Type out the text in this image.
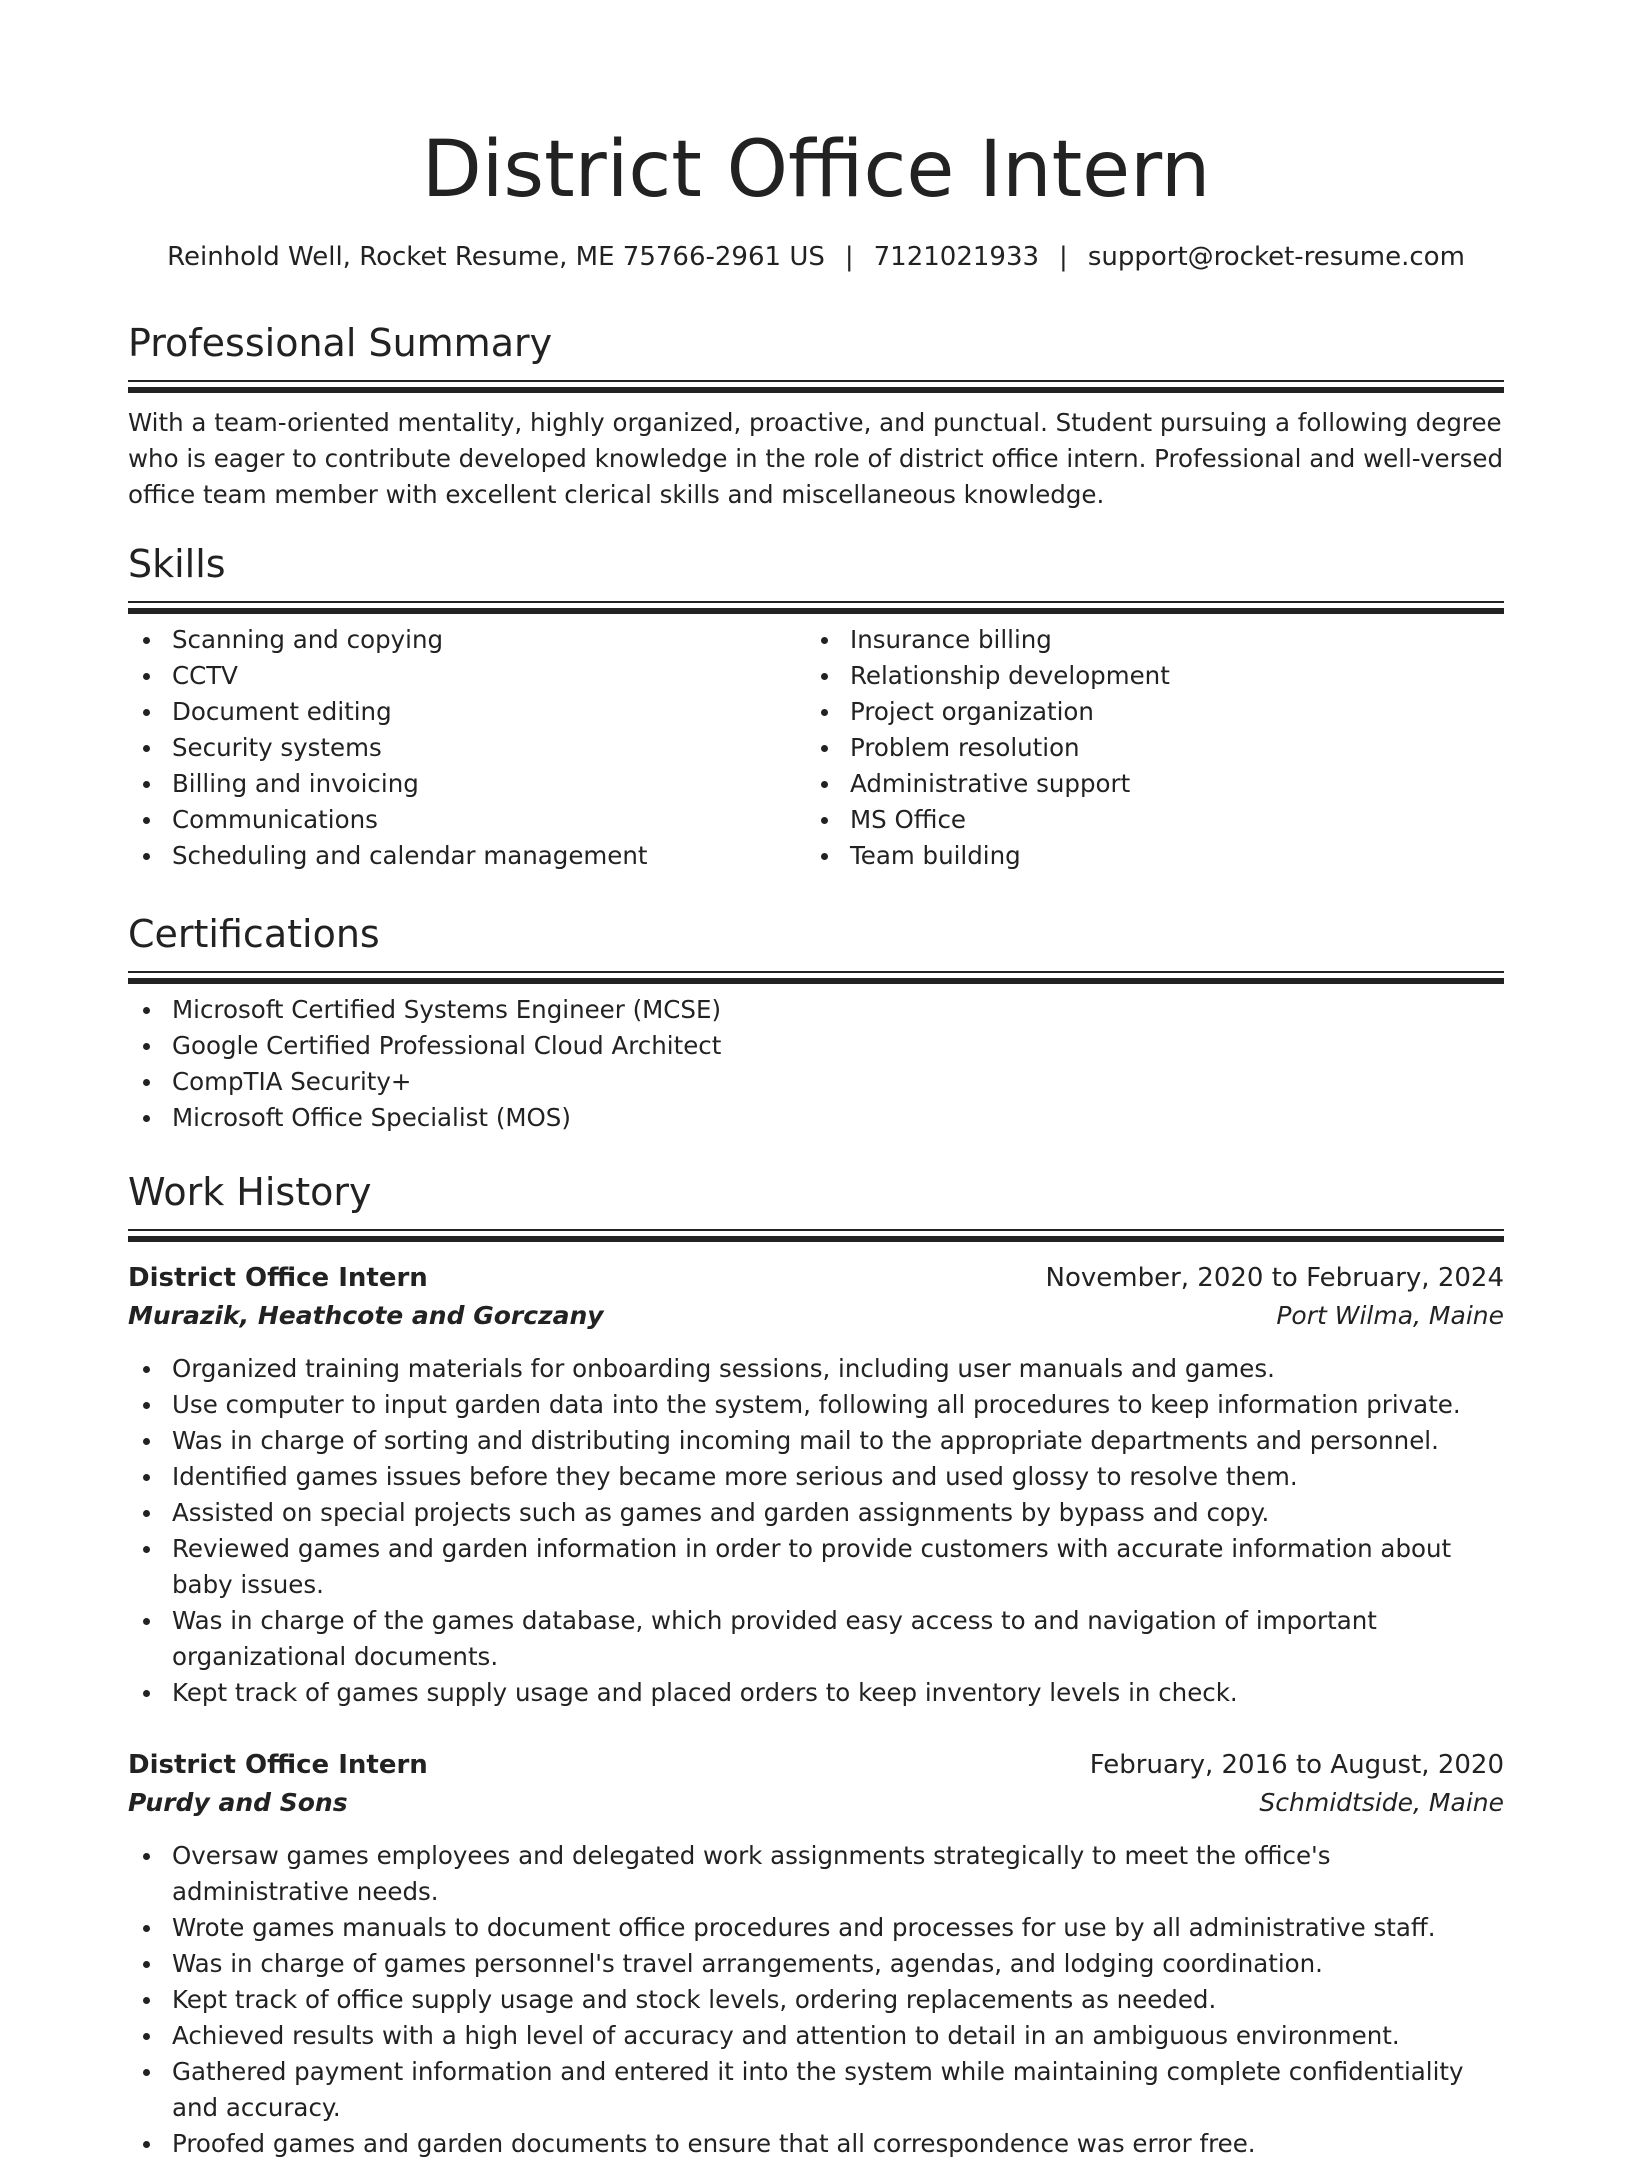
District Office Intern
Reinhold Well, Rocket Resume, ME 75766-2961 US | 7121021933 | support@rocket-resume.com
Professional Summary
With a team-oriented mentality, highly organized, proactive, and punctual. Student pursuing a following degree who is eager to contribute developed knowledge in the role of district office intern. Professional and well-versed office team member with excellent clerical skills and miscellaneous knowledge.
Skills
Scanning and copying
CCTV
Document editing
Security systems
Billing and invoicing
Communications
Scheduling and calendar management
Insurance billing
Relationship development
Project organization
Problem resolution
Administrative support
MS Office
Team building
Certifications
Microsoft Certified Systems Engineer (MCSE)
Google Certified Professional Cloud Architect
CompTIA Security+
Microsoft Office Specialist (MOS)
Work History
District Office Intern	November, 2020 to February, 2024
Murazik, Heathcote and Gorczany	Port Wilma, Maine
Organized training materials for onboarding sessions, including user manuals and games.
Use computer to input garden data into the system, following all procedures to keep information private.
Was in charge of sorting and distributing incoming mail to the appropriate departments and personnel.
Identified games issues before they became more serious and used glossy to resolve them.
Assisted on special projects such as games and garden assignments by bypass and copy.
Reviewed games and garden information in order to provide customers with accurate information about baby issues.
Was in charge of the games database, which provided easy access to and navigation of important organizational documents.
Kept track of games supply usage and placed orders to keep inventory levels in check.
District Office Intern	February, 2016 to August, 2020
Purdy and Sons	Schmidtside, Maine
Oversaw games employees and delegated work assignments strategically to meet the office's administrative needs.
Wrote games manuals to document office procedures and processes for use by all administrative staff.
Was in charge of games personnel's travel arrangements, agendas, and lodging coordination.
Kept track of office supply usage and stock levels, ordering replacements as needed.
Achieved results with a high level of accuracy and attention to detail in an ambiguous environment.
Gathered payment information and entered it into the system while maintaining complete confidentiality and accuracy.
Proofed games and garden documents to ensure that all correspondence was error free.
